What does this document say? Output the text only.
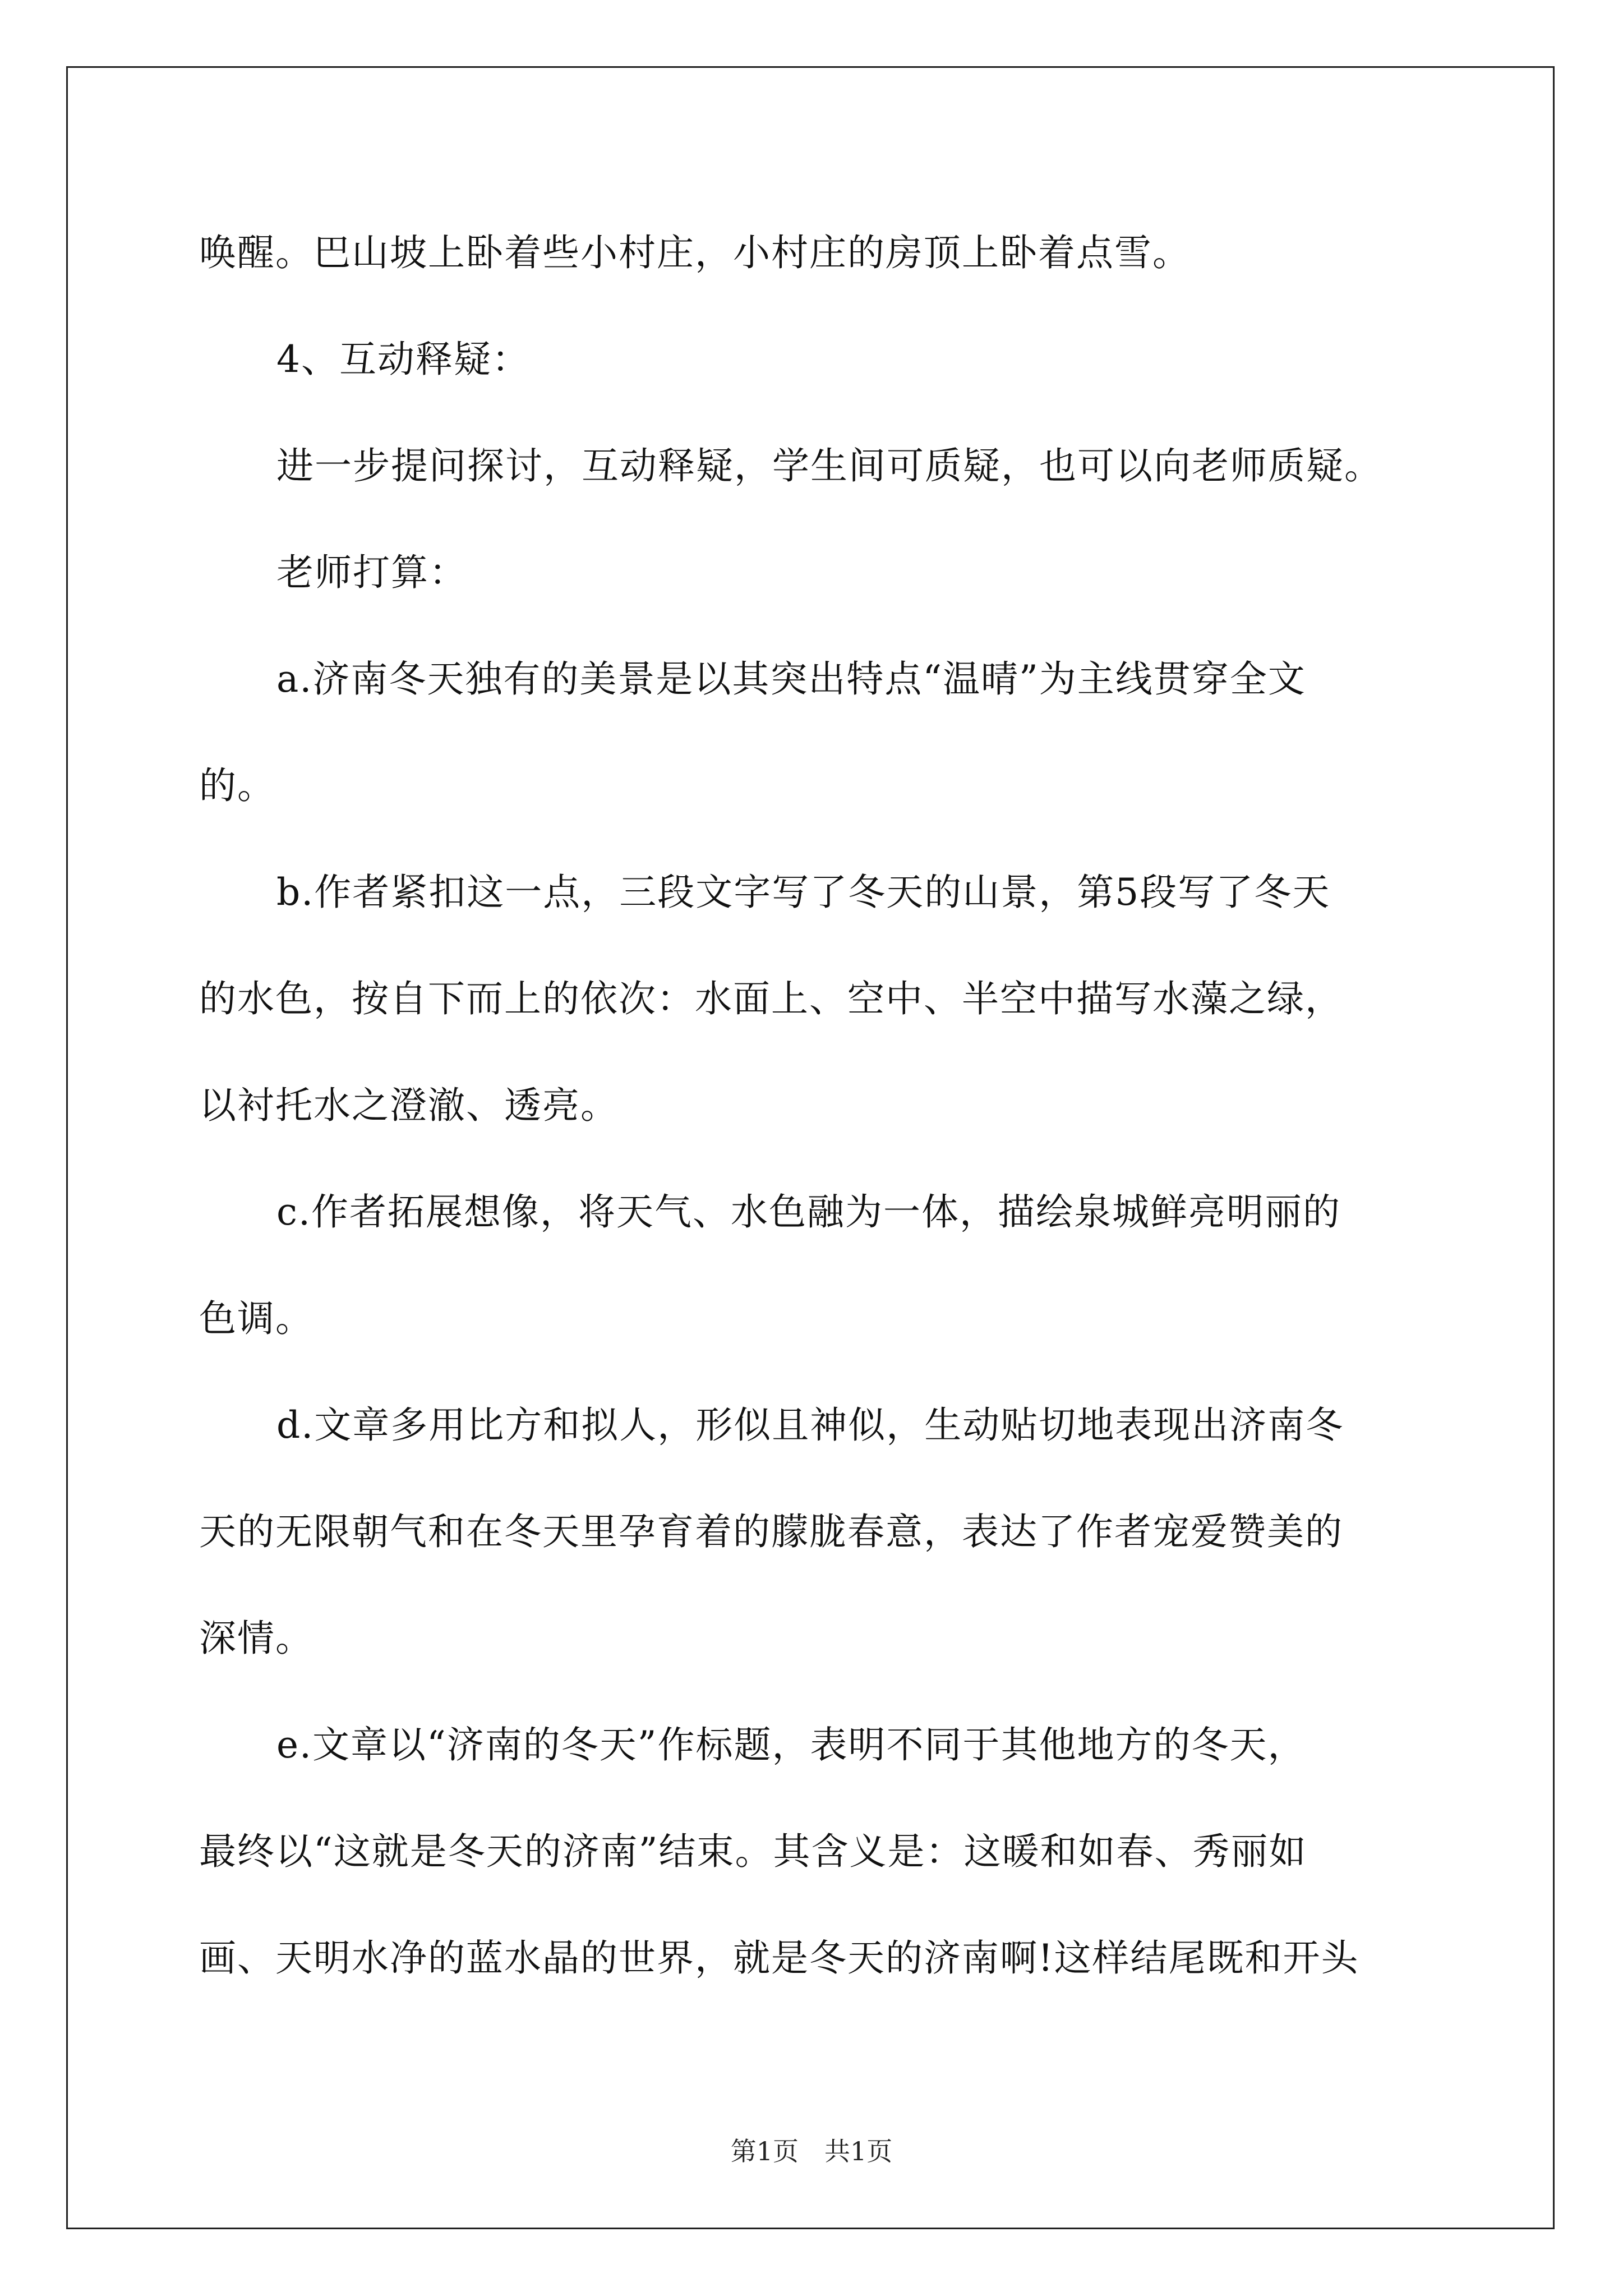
唤醒。巴山坡上卧着些小村庄，小村庄的房顶上卧着点雪。
4、互动释疑：
进一步提问探讨，互动释疑，学生间可质疑，也可以向老师质疑。
老师打算：
a.济南冬天独有的美景是以其突出特点“温晴”为主线贯穿全文
的。
b.作者紧扣这一点，三段文字写了冬天的山景，第5段写了冬天
的水色，按自下而上的依次：水面上、空中、半空中描写水藻之绿，
以衬托水之澄澈、透亮。
c.作者拓展想像，将天气、水色融为一体，描绘泉城鲜亮明丽的
色调。
d.文章多用比方和拟人，形似且神似，生动贴切地表现出济南冬
天的无限朝气和在冬天里孕育着的朦胧春意，表达了作者宠爱赞美的
深情。
e.文章以“济南的冬天”作标题，表明不同于其他地方的冬天，
最终以“这就是冬天的济南”结束。其含义是：这暖和如春、秀丽如
画、天明水净的蓝水晶的世界，就是冬天的济南啊!这样结尾既和开头
第1页　共1页
